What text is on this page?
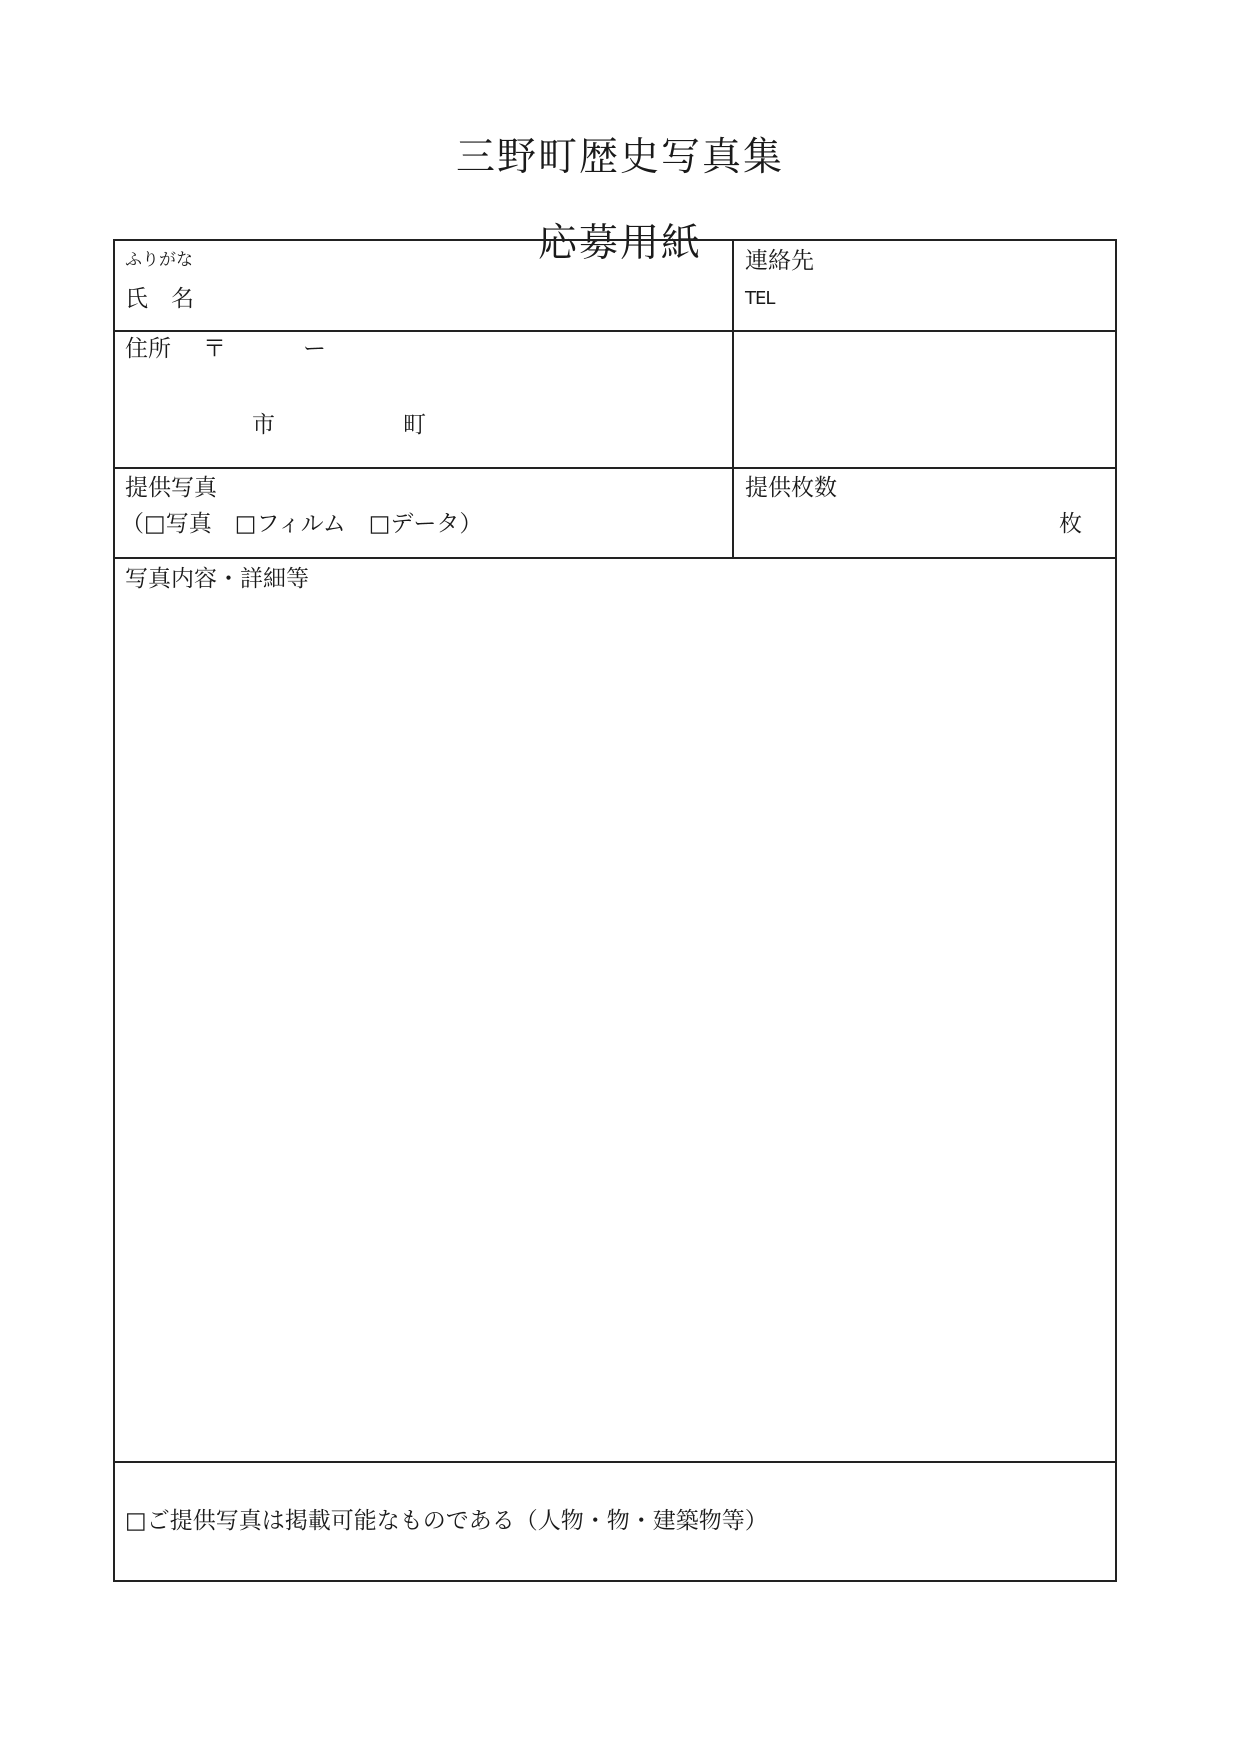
三野町歴史写真集
応募用紙
ふりがな
氏　名
連絡先
TEL
住所 〒	ー
市	町
提供写真
（□写真　□フィルム　□データ）
提供枚数
枚
写真内容・詳細等
□ご提供写真は掲載可能なものである（人物・物・建築物等）
